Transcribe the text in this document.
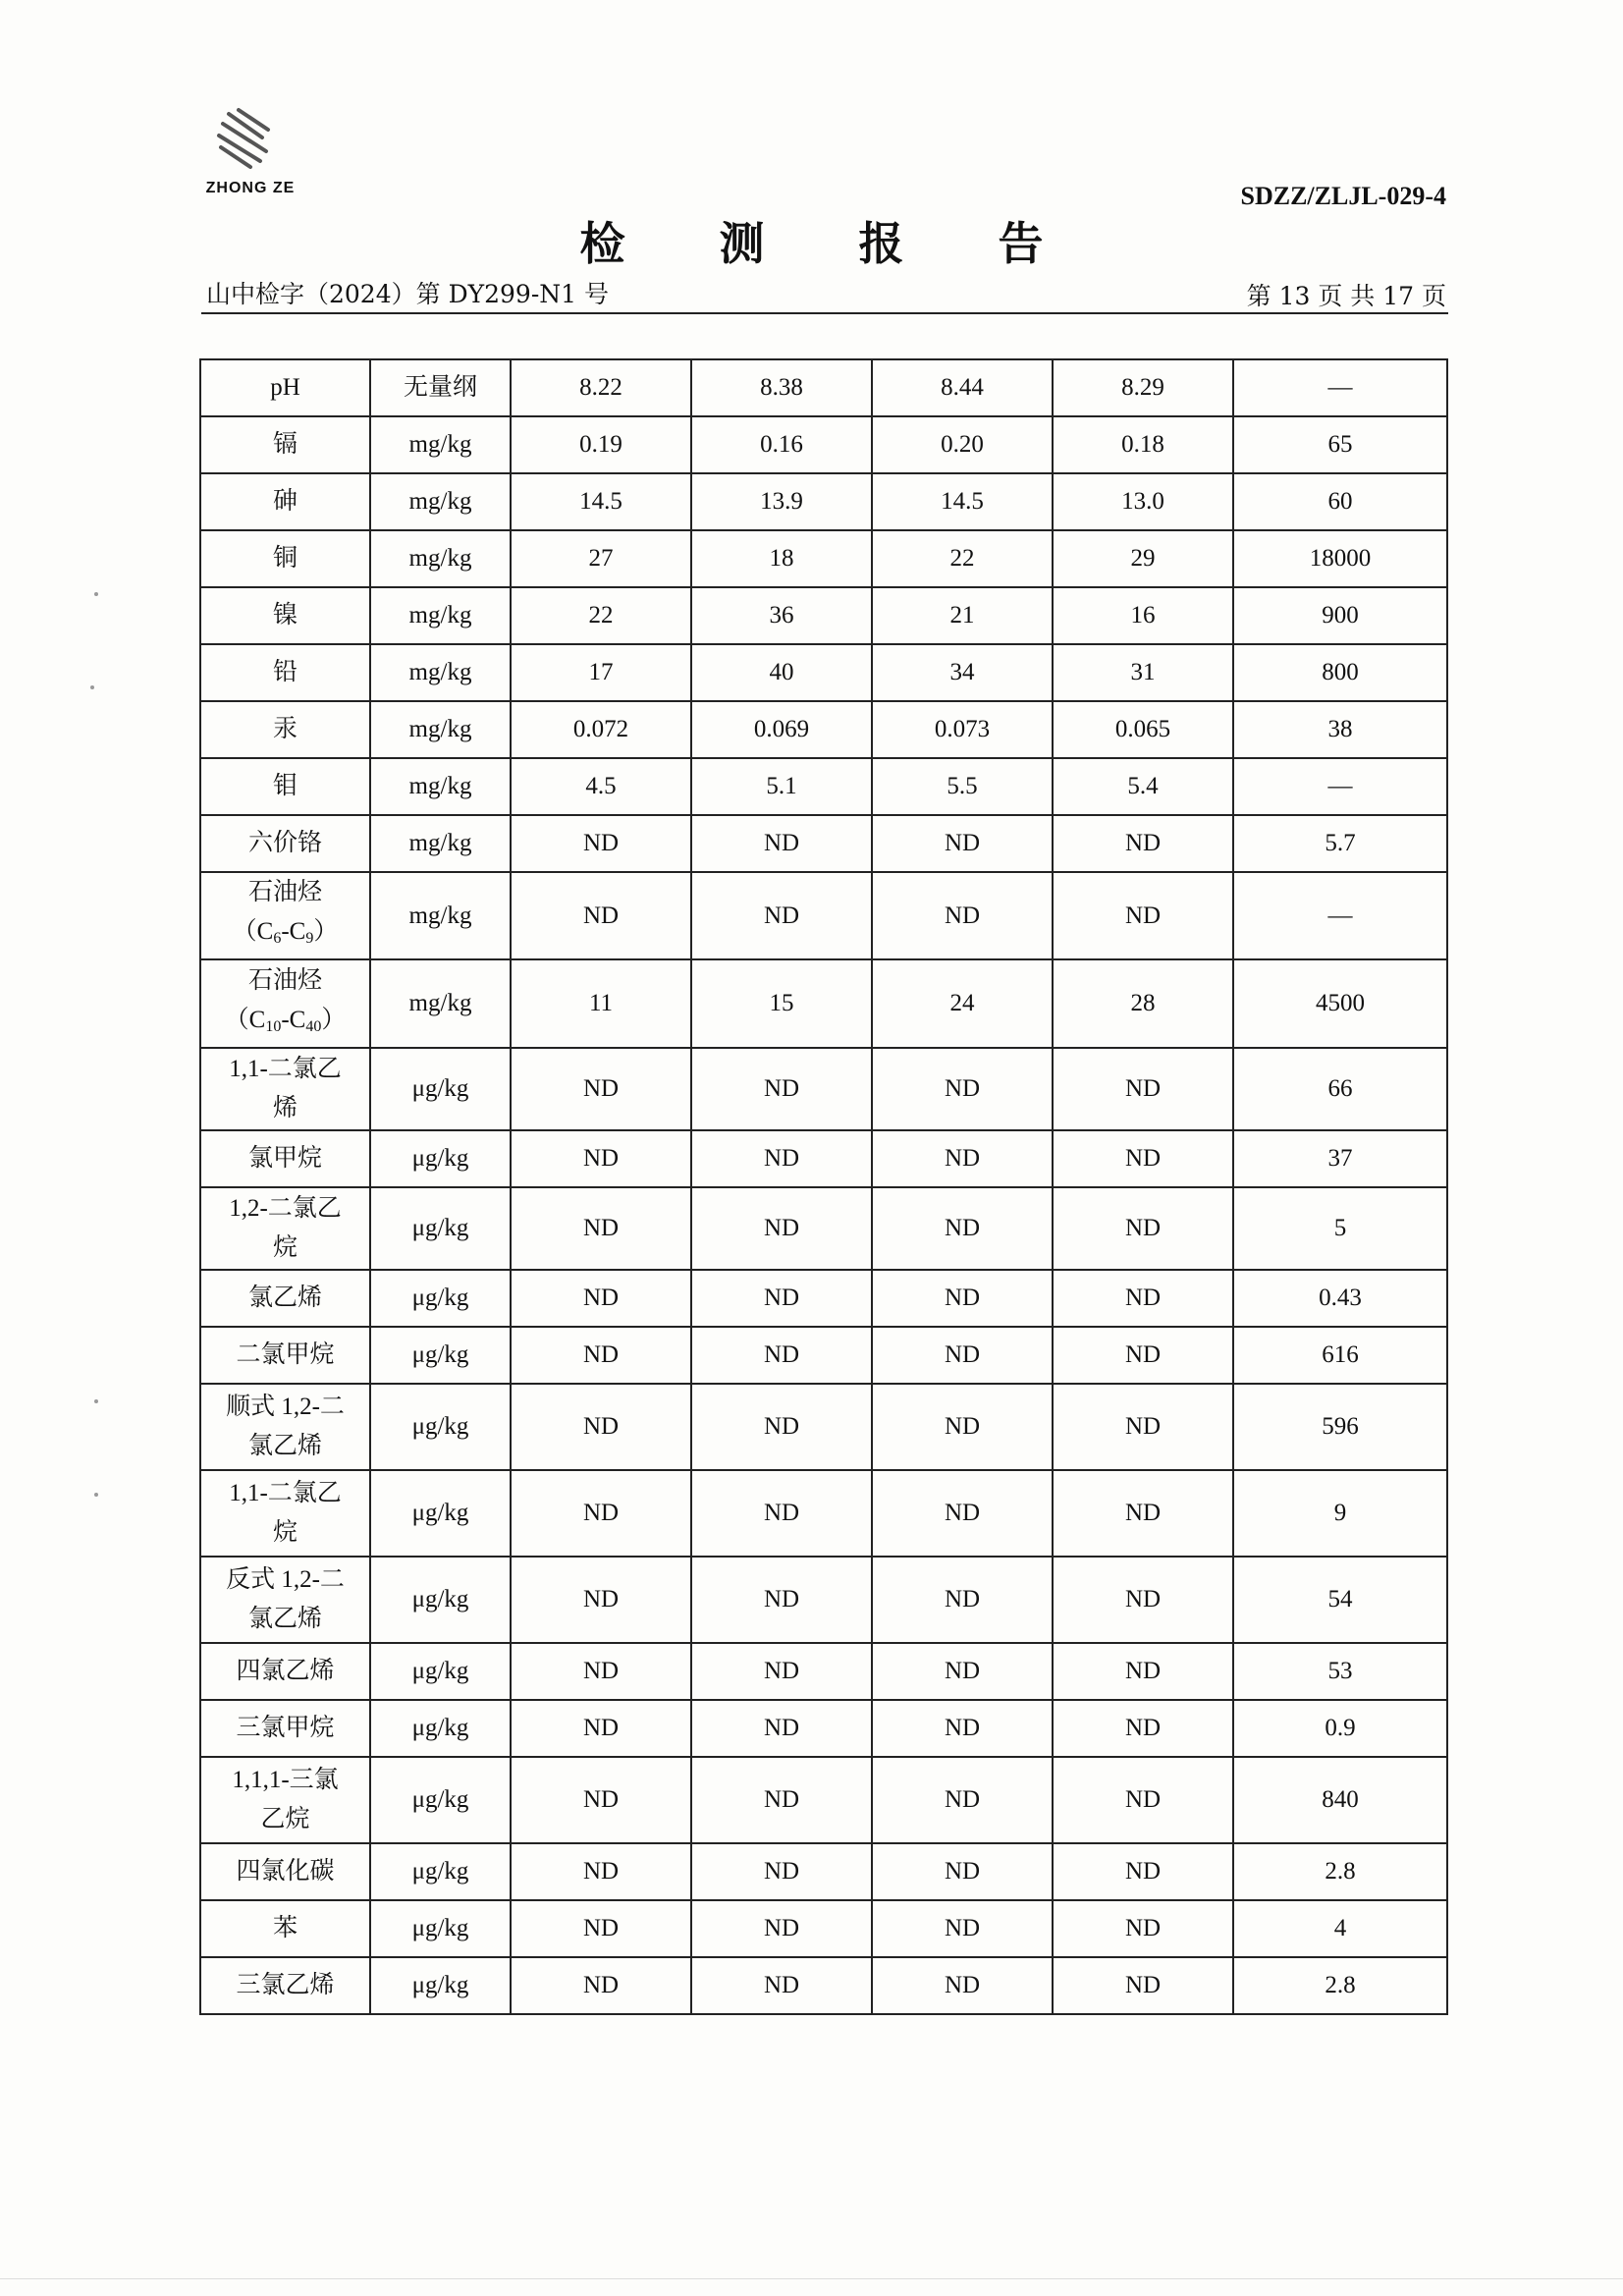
ZHONG ZE	SDZZ/ZLJL-029-4
检 测 报 告
山中检字（2024）第 DY299-N1 号	第 13 页 共 17 页
pH	无量纲	8.22	8.38	8.44	8.29	—

镉	mg/kg	0.19	0.16	0.20	0.18	65

砷	mg/kg	14.5	13.9	14.5	13.0	60

铜	mg/kg	27	18	22	29	18000

镍	mg/kg	22	36	21	16	900

铅	mg/kg	17	40	34	31	800

汞	mg/kg	0.072	0.069	0.073	0.065	38

钼	mg/kg	4.5	5.1	5.5	5.4	—

六价铬	mg/kg	ND	ND	ND	ND	5.7

石油烃
$(C_6-C_9)$	mg/kg	ND	ND	ND	ND	—

石油烃
$(C_{10}-C_{40})$	mg/kg	11	15	24	28	4500

1,1-二氯乙
烯	μg/kg	ND	ND	ND	ND	66

氯甲烷	μg/kg	ND	ND	ND	ND	37

1,2-二氯乙
烷	μg/kg	ND	ND	ND	ND	5

氯乙烯	μg/kg	ND	ND	ND	ND	0.43

二氯甲烷	μg/kg	ND	ND	ND	ND	616

顺式 1,2-二
氯乙烯	μg/kg	ND	ND	ND	ND	596

1,1-二氯乙
烷	μg/kg	ND	ND	ND	ND	9

反式 1,2-二
氯乙烯	μg/kg	ND	ND	ND	ND	54

四氯乙烯	μg/kg	ND	ND	ND	ND	53

三氯甲烷	μg/kg	ND	ND	ND	ND	0.9

1,1,1-三氯
乙烷	μg/kg	ND	ND	ND	ND	840

四氯化碳	μg/kg	ND	ND	ND	ND	2.8

苯	μg/kg	ND	ND	ND	ND	4

三氯乙烯	μg/kg	ND	ND	ND	ND	2.8
